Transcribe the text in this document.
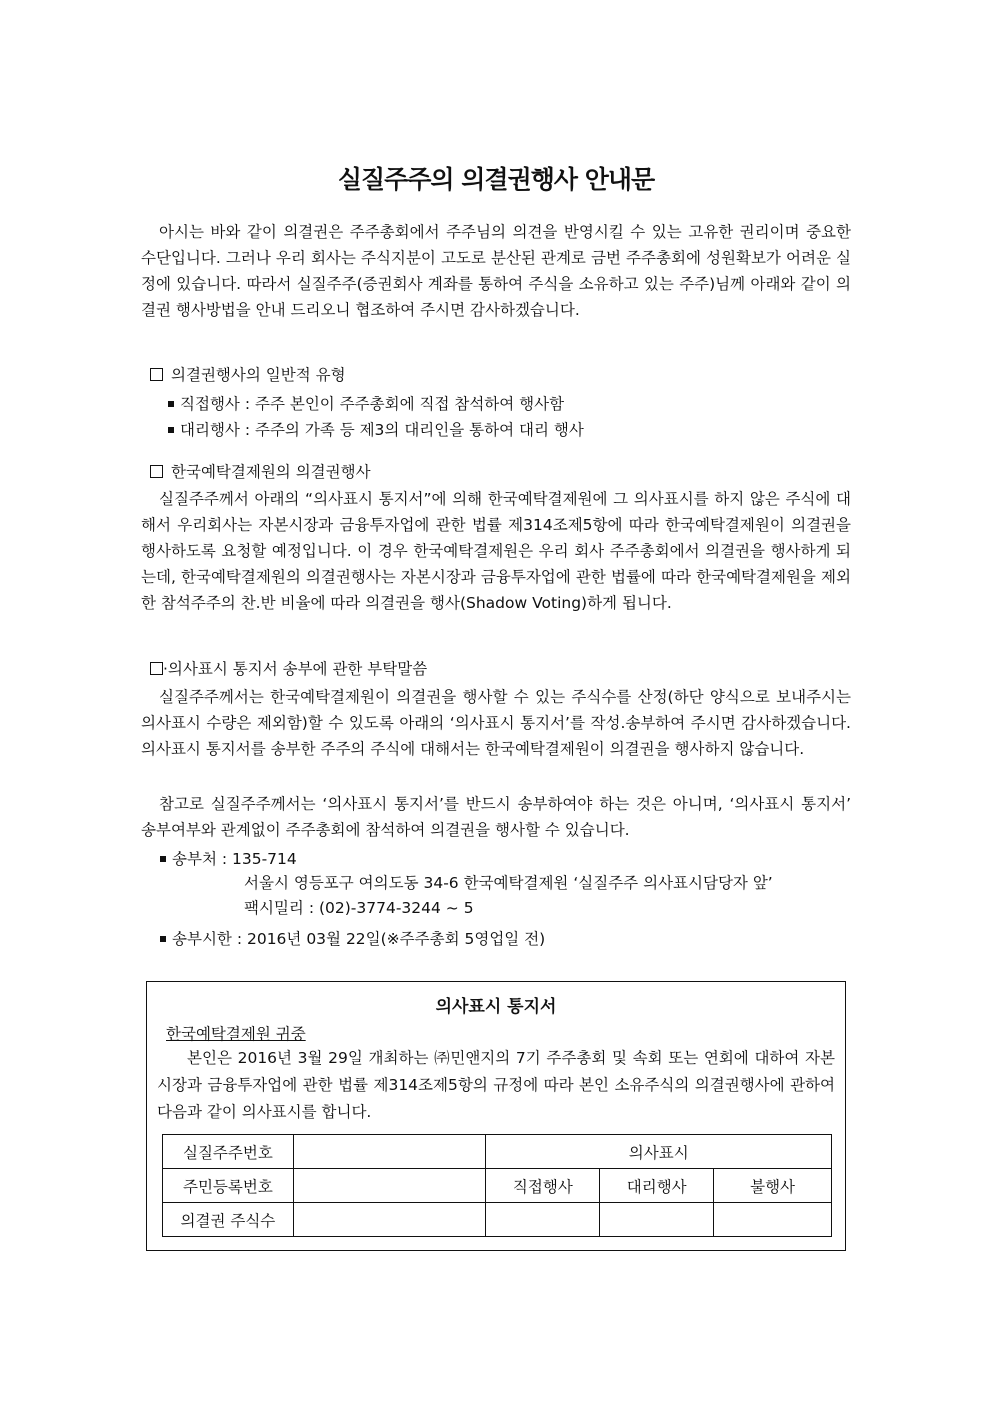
실질주주의 의결권행사 안내문

아시는 바와 같이 의결권은 주주총회에서 주주님의 의견을 반영시킬 수 있는 고유한 권리이며 중요한 수단입니다. 그러나 우리 회사는 주식지분이 고도로 분산된 관계로 금번 주주총회에 성원확보가 어려운 실정에 있습니다. 따라서 실질주주(증권회사 계좌를 통하여 주식을 소유하고 있는 주주)님께 아래와 같이 의결권 행사방법을 안내 드리오니 협조하여 주시면 감사하겠습니다.

의결권행사의 일반적 유형

직접행사 : 주주 본인이 주주총회에 직접 참석하여 행사함

대리행사 : 주주의 가족 등 제3의 대리인을 통하여 대리 행사

한국예탁결제원의 의결권행사

실질주주께서 아래의 “의사표시 통지서”에 의해 한국예탁결제원에 그 의사표시를 하지 않은 주식에 대해서 우리회사는 자본시장과 금융투자업에 관한 법률 제314조제5항에 따라 한국예탁결제원이 의결권을 행사하도록 요청할 예정입니다. 이 경우 한국예탁결제원은 우리 회사 주주총회에서 의결권을 행사하게 되는데, 한국예탁결제원의 의결권행사는 자본시장과 금융투자업에 관한 법률에 따라 한국예탁결제원을 제외한 참석주주의 찬.반 비율에 따라 의결권을 행사(Shadow Voting)하게 됩니다.

·의사표시 통지서 송부에 관한 부탁말씀

실질주주께서는 한국예탁결제원이 의결권을 행사할 수 있는 주식수를 산정(하단 양식으로 보내주시는 의사표시 수량은 제외함)할 수 있도록 아래의 ‘의사표시 통지서’를 작성.송부하여 주시면 감사하겠습니다. 의사표시 통지서를 송부한 주주의 주식에 대해서는 한국예탁결제원이 의결권을 행사하지 않습니다.

참고로 실질주주께서는 ‘의사표시 통지서’를 반드시 송부하여야 하는 것은 아니며, ‘의사표시 통지서’ 송부여부와 관계없이 주주총회에 참석하여 의결권을 행사할 수 있습니다.

송부처 : 135-714

서울시 영등포구 여의도동 34-6 한국예탁결제원 ‘실질주주 의사표시담당자 앞’

팩시밀리 : (02)-3774-3244 ~ 5

송부시한 : 2016년 03월 22일(※주주총회 5영업일 전)

의사표시 통지서
한국예탁결제원 귀중

본인은 2016년 3월 29일 개최하는 ㈜민앤지의 7기 주주총회 및 속회 또는 연회에 대하여 자본시장과 금융투자업에 관한 법률 제314조제5항의 규정에 따라 본인 소유주식의 의결권행사에 관하여 다음과 같이 의사표시를 합니다.

실질주주번호		의사표시		
주민등록번호		직접행사	대리행사	불행사
의결권 주식수				
